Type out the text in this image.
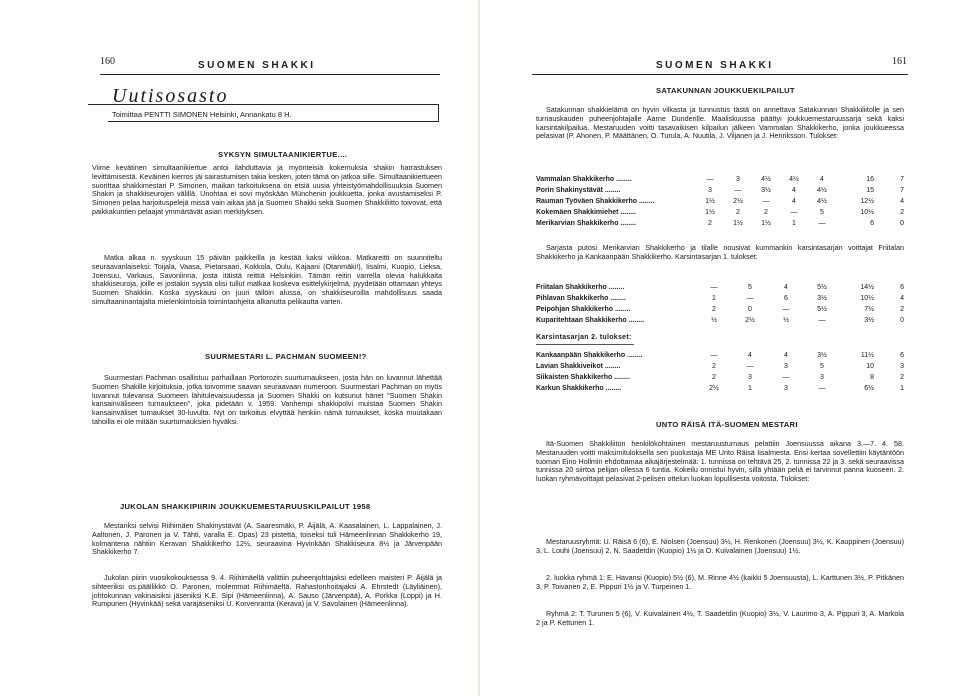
160	SUOMEN SHAKKI
Uutisosasto
Toimittaa PENTTI SIMONEN Helsinki, Annankatu 8 H.
SYKSYN SIMULTAANIKIERTUE....
Viime kevätinen simultaanikiertue antoi ilahduttavia ja myönteisiä kokemuksia shakin harrastuksen levittämisestä. Keväinen kierros jäi sairastumisen takia kesken, joten tämä on jatkoa sille. Simultaanikiertueen suorittaa shakkimestari P. Simonen, maikan tarkoituksena on etsiä uusia yhteistyömahdollisuuksia Suomen Shakin ja shakkiseurojen välillä. Unohtaa ei sovi myöskään Münchenin joukkuetta, jonka avustamiseksi P. Simonen pelaa harjoituspelejä missä vain aikaa jää ja Suomen Shakki sekä Suomen Shakkiliitto toivovat, että paikkakuntien pelaajat ymmärtävät asian merkityksen.
Matka alkaa n. syyskuun 15 päivän paikkeilla ja kestää kaksi viikkoa. Matkareitti on suunniteltu seuraavanlaiseksi: Toijala, Vaasa, Pietarsaari, Kokkola, Oulu, Kajaani (Otanmäki!), Iisalmi, Kuopio, Lieksa, Joensuu, Varkaus, Savonlinna, josta itäistä reittiä Helsinkiin. Tämän reitin varrella olevia halukkaita shakkiseuroja, joille ei jostakin syystä olisi tullut matkaa koskeva esittelykirjelmä, pyydetään ottamaan yhteys Suomen Shakkiin. Koska syyskausi on juuri tällöin alussa, on shakkiseuroilla mahdollisuus saada simultaaninantajalta mielenkiintoisia toimintaohjeita alkanutta pelikautta varten.
SUURMESTARI L. PACHMAN SUOMEEN!?
Suurmestari Pachman osallistuu parhaillaan Portorozin suurturnaukseen, josta hän on luvannut lähettää Suomen Shakille kirjoituksia, jotka toivomme saavan seuraavaan numeroon. Suurmestari Pachman on myös luvannut tulevansa Suomeen lähitulevaisuudessa ja Suomen Shakki on kutsunut hänet "Suomen Shakin kansainväliseen turnaukseen", joka pidetään v. 1959. Vanhempi shakkipolvi muistaa Suomen Shakin kansainväliset turnaukset 30-luvulta. Nyt on tarkoitus elvyttää henkiin nämä turnaukset, koska muutakaan tahoilla ei ole mitään suurturnauksien hyväksi.
JUKOLAN SHAKKIPIIRIN JOUKKUEMESTARUUSKILPAILUT 1958
Mestariksi selvisi Riihimäen Shakinystävät (A. Saaresmäki, P. Äijälä, A. Kaasalainen, L. Lappalainen, J. Aaltonen, J. Paronen ja V. Tähti, varalla E. Opas) 23 pistettä, toiseksi tuli Hämeenlinnan Shakkikerho 19, kolmantena nähtiin Keravan Shakkikerho 12½, seuraavina Hyvinkään Shakkiseura 8½ ja Järvenpään Shakkikerho 7.
Jukolan piirin vuosikokouksessa 9. 4. Riihimäellä valittiin puheenjohtajaksi edelleen maisteri P. Äijälä ja sihteeriksi os.päällikkö O. Paronen, molemmat Riihimäeltä. Rahastonhoitajaksi A. Ehrstedt (Läyliäinen), johtokunnan vakinaisiksi jäseniksi K.E. Sipi (Hämeenlinna), A. Sauso (Järvenpää), A. Porkka (Loppi) ja H. Rumpunen (Hyvinkää) sekä varajäseniksi U. Korvenranta (Kerava) ja V. Savolainen (Hämeenlinna).
SUOMEN SHAKKI	161
SATAKUNNAN JOUKKUEKILPAILUT
Satakunnan shakkielämä on hyvin vilkasta ja tunnustus tästä on annettava Satakunnan Shakkiliitolle ja sen turnauskauden puheenjohtajalle Aarne Dunderille. Maaliskuussa päättyi joukkuemestaruussarja sekä kaksi karsintakilpailua. Mestaruuden voitti tasavaikisen kilpailun jälkeen Vammalan Shakkikerho, jonka joukkueessa pelasivat (P. Ahonen, P. Määttänen, O. Turula, A. Nuutila, J. Viljanen ja J. Henriksson. Tulokset:
Vammalan Shakkikerho ........	—	3	4½	4½	4	16	7
Porin Shakinystävät ........	3	—	3½	4	4½	15	7
Rauman Työväen Shakkikerho ........	1½	2½	—	4	4½	12½	4
Kokemäen Shakkimiehet ........	1½	2	2	—	5	10½	2
Merikarvian Shakkikerho ........	2	1½	1½	1	—	6	0
Sarjasta putosi Merikarvian Shakkikerho ja tilalle nousivat kummankin karsintasarjan voittajat Friitalan Shakkikerho ja Kankaanpään Shakkikerho. Karsintasarjan 1. tulokset:
Friitalan Shakkikerho ........	—	5	4	5½	14½	6
Pihlavan Shakkikerho ........	1	—	6	3½	10½	4
Peipohjan Shakkikerho ........	2	0	—	5½	7½	2
Kuparitehtaan Shakkikerho ........	½	2½	½	—	3½	0
Karsintasarjan 2. tulokset:
Kankaanpään Shakkikerho ........	—	4	4	3½	11½	6
Lavian Shakkiveikot ........	2	—	3	5	10	3
Siikaisten Shakkikerho ........	2	3	—	3	8	2
Karkun Shakkikerho ........	2½	1	3	—	6½	1
UNTO RÄISÄ ITÄ-SUOMEN MESTARI
Itä-Suomen Shakkiliiton henkilökohtainen mestaruusturnaus pelattiin Joensuussa aikana 3.—7. 4. 58. Mestaruuden voitti maksimituloksella sen puolustaja ME Unto Räisä Iisalmesta. Ensi kertaa sovellettiin käytäntöön tuomari Eino Hollmin ehdottamaa aikajärjestelmää: 1. tunnissa on tehtävä 25, 2. tunnissa 22 ja 3. sekä seuraavissa tunnissa 20 siirtoa pelijan ollessa 6 tuntia. Kokeilu onnistui hyvin, sillä yhtään peliä ei tarvinnut panna kuoseen. 2. luokan ryhmävoittajat pelasivat 2-pelisen ottelun luokan lopullisesta voitosta. Tulokset:
Mestaruusryhmä: U. Räisä 6 (6), E. Niolsen (Joensuu) 3½, H. Renkonen (Joensuu) 3½, K. Kauppinen (Joensuu) 3, L. Louhi (Joensuu) 2, N. Saadetdin (Kuopio) 1½ ja O. Kuivalainen (Joensuu) 1½.
2. luokka ryhmä 1: E. Havansi (Kuopio) 5½ (6), M. Rinne 4½ (kaikki 5 Joensuusta), L. Karttunen 3½, P. Pitkänen 3, P. Toivanen 2, E. Pippuri 1½ ja V. Turpeinen 1.
Ryhmä 2: T. Turunen 5 (6), V. Kuivalainen 4½, T. Saadetdin (Kuopio) 3½, V. Laurimo 3, A. Pippuri 3, A. Markola 2 ja P. Kettunen 1.
